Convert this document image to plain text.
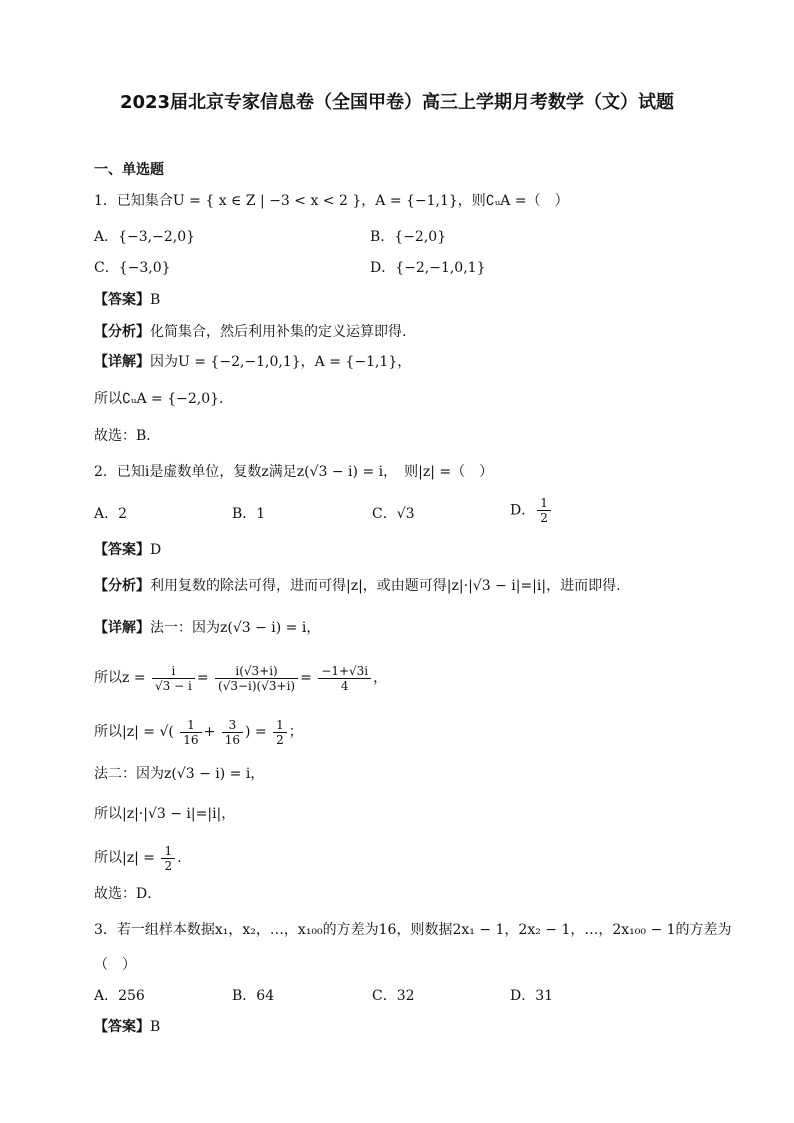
2023届北京专家信息卷（全国甲卷）高三上学期月考数学（文）试题
一、单选题
1．已知集合U = { x ∈ Z | −3 < x < 2 }，A = {−1,1}，则∁ᵤA =（　）
A．{−3,−2,0}	B．{−2,0}
C．{−3,0}	D．{−2,−1,0,1}
【答案】B
【分析】化简集合，然后利用补集的定义运算即得.
【详解】因为U = {−2,−1,0,1}，A = {−1,1}，
所以∁ᵤA = {−2,0}．
故选：B．
2．已知i是虚数单位，复数z满足z(√3 − i) = i，　则|z| =（　）
A．2	B．1	C．√3	D． $\frac{1}{2}$
【答案】D
【分析】利用复数的除法可得，进而可得|z|，或由题可得|z|·|√3 − i|=|i|，进而即得.
【详解】法一：因为z(√3 − i) = i，
所以$z = \frac{i}{√3 - i} = \frac{i(√3+i)}{(√3-i)(√3+i)} = \frac{-1+√3i}{4}$ ，
所以|z| = √( $\frac{1}{16} + \frac{3}{16}$ ) = $\frac{1}{2}$ ；
法二：因为z(√3 − i) = i，
所以|z|·|√3 − i|=|i|，
所以$|z| = \frac{1}{2}$ .
故选：D．
3．若一组样本数据x₁，x₂，…，x₁₀₀的方差为16，则数据2x₁ − 1，2x₂ − 1，…，2x₁₀₀ − 1的方差为
（　）
A．256	B．64	C．32	D．31
【答案】B
